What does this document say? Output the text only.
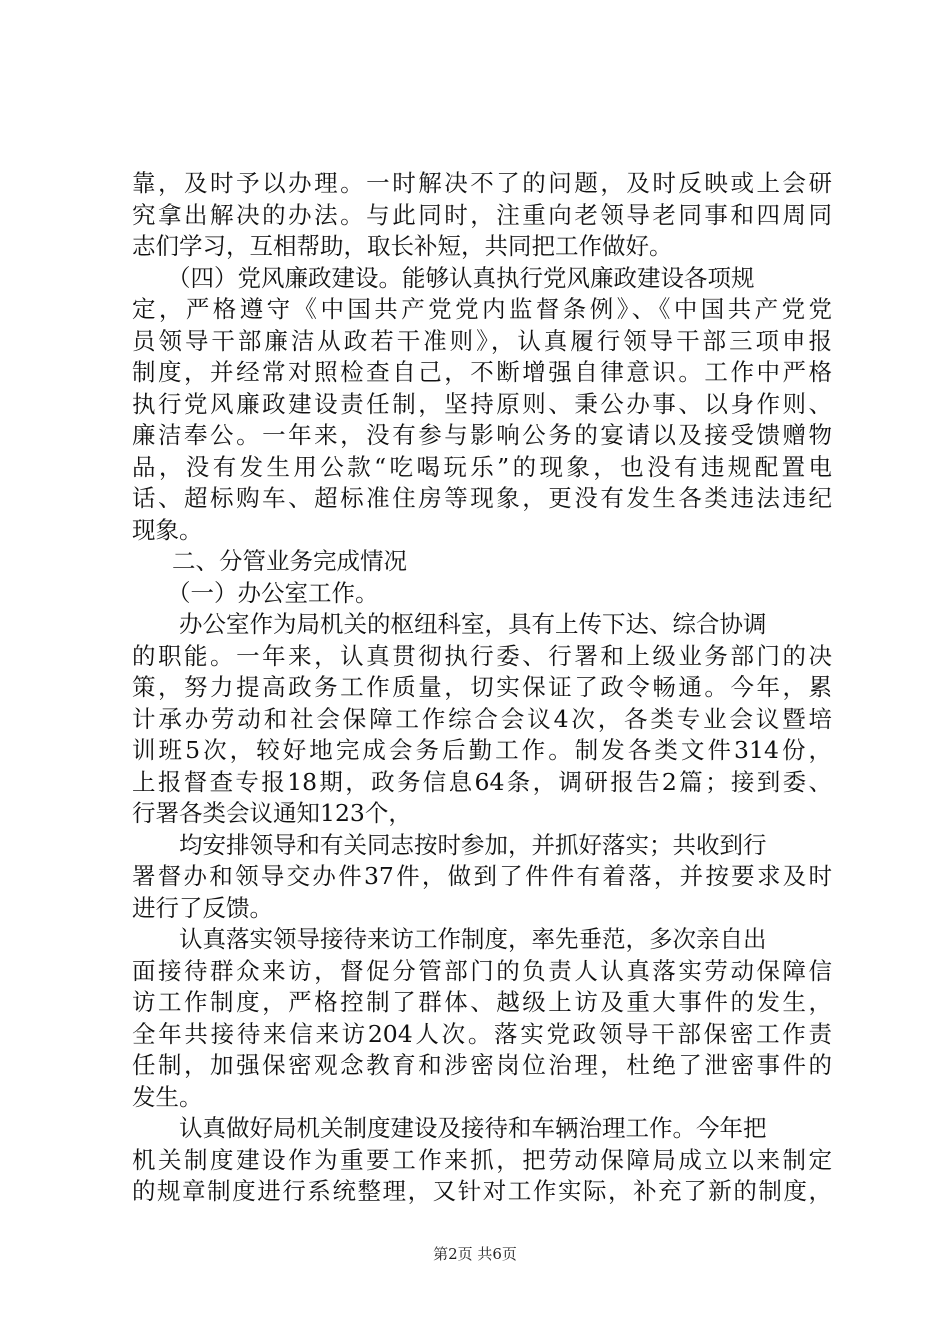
靠，及时予以办理。一时解决不了的问题，及时反映或上会研
究拿出解决的办法。与此同时，注重向老领导老同事和四周同
志们学习，互相帮助，取长补短，共同把工作做好。
（四）党风廉政建设。能够认真执行党风廉政建设各项规
定，严格遵守《中国共产党党内监督条例》、《中国共产党党
员领导干部廉洁从政若干准则》，认真履行领导干部三项申报
制度，并经常对照检查自己，不断增强自律意识。工作中严格
执行党风廉政建设责任制，坚持原则、秉公办事、以身作则、
廉洁奉公。一年来，没有参与影响公务的宴请以及接受馈赠物
品，没有发生用公款“吃喝玩乐”的现象，也没有违规配置电
话、超标购车、超标准住房等现象，更没有发生各类违法违纪
现象。
二、分管业务完成情况
（一）办公室工作。
办公室作为局机关的枢纽科室，具有上传下达、综合协调
的职能。一年来，认真贯彻执行委、行署和上级业务部门的决
策，努力提高政务工作质量，切实保证了政令畅通。今年，累
计承办劳动和社会保障工作综合会议4次，各类专业会议暨培
训班5次，较好地完成会务后勤工作。制发各类文件314份，
上报督查专报18期，政务信息64条，调研报告2篇；接到委、
行署各类会议通知123个，
均安排领导和有关同志按时参加，并抓好落实；共收到行
署督办和领导交办件37件，做到了件件有着落，并按要求及时
进行了反馈。
认真落实领导接待来访工作制度，率先垂范，多次亲自出
面接待群众来访，督促分管部门的负责人认真落实劳动保障信
访工作制度，严格控制了群体、越级上访及重大事件的发生，
全年共接待来信来访204人次。落实党政领导干部保密工作责
任制，加强保密观念教育和涉密岗位治理，杜绝了泄密事件的
发生。
认真做好局机关制度建设及接待和车辆治理工作。今年把
机关制度建设作为重要工作来抓，把劳动保障局成立以来制定
的规章制度进行系统整理，又针对工作实际，补充了新的制度，
第2页 共6页
